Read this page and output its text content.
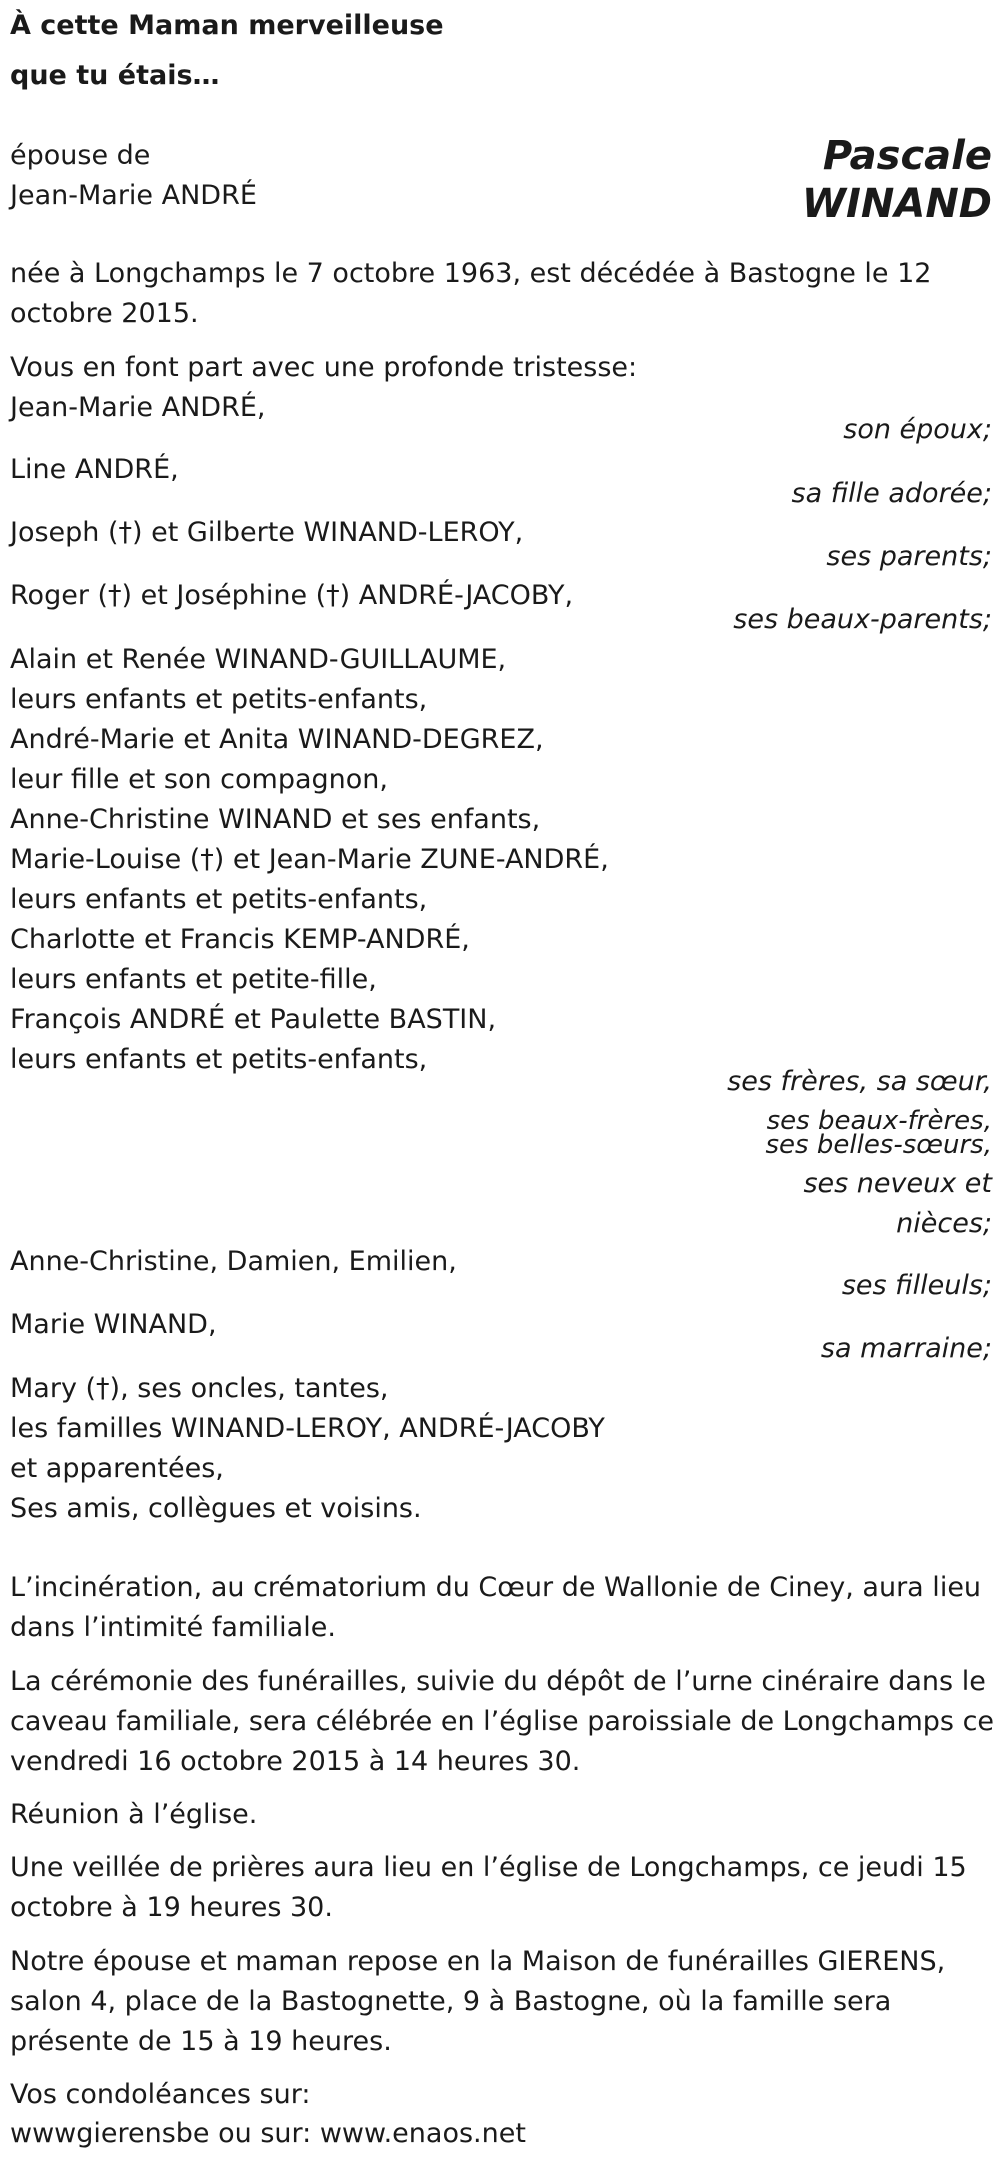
À cette Maman merveilleuse
que tu étais…
épouse de
Jean-Marie ANDRÉ
Pascale
WINAND
née à Longchamps le 7 octobre 1963, est décédée à Bastogne le 12
octobre 2015.
Vous en font part avec une profonde tristesse:
Jean-Marie ANDRÉ,
son époux;
Line ANDRÉ,
sa fille adorée;
Joseph (†) et Gilberte WINAND-LEROY,
ses parents;
Roger (†) et Joséphine (†) ANDRÉ-JACOBY,
ses beaux-parents;
Alain et Renée WINAND-GUILLAUME,
leurs enfants et petits-enfants,
André-Marie et Anita WINAND-DEGREZ,
leur fille et son compagnon,
Anne-Christine WINAND et ses enfants,
Marie-Louise (†) et Jean-Marie ZUNE-ANDRÉ,
leurs enfants et petits-enfants,
Charlotte et Francis KEMP-ANDRÉ,
leurs enfants et petite-fille,
François ANDRÉ et Paulette BASTIN,
leurs enfants et petits-enfants,
ses frères, sa sœur,
ses beaux-frères,
ses belles-sœurs,
ses neveux et
nièces;
Anne-Christine, Damien, Emilien,
ses filleuls;
Marie WINAND,
sa marraine;
Mary (†), ses oncles, tantes,
les familles WINAND-LEROY, ANDRÉ-JACOBY
et apparentées,
Ses amis, collègues et voisins.
L’incinération, au crématorium du Cœur de Wallonie de Ciney, aura lieu
dans l’intimité familiale.
La cérémonie des funérailles, suivie du dépôt de l’urne cinéraire dans le
caveau familiale, sera célébrée en l’église paroissiale de Longchamps ce
vendredi 16 octobre 2015 à 14 heures 30.
Réunion à l’église.
Une veillée de prières aura lieu en l’église de Longchamps, ce jeudi 15
octobre à 19 heures 30.
Notre épouse et maman repose en la Maison de funérailles GIERENS,
salon 4, place de la Bastognette, 9 à Bastogne, où la famille sera
présente de 15 à 19 heures.
Vos condoléances sur:
wwwgierensbe ou sur: www.enaos.net
